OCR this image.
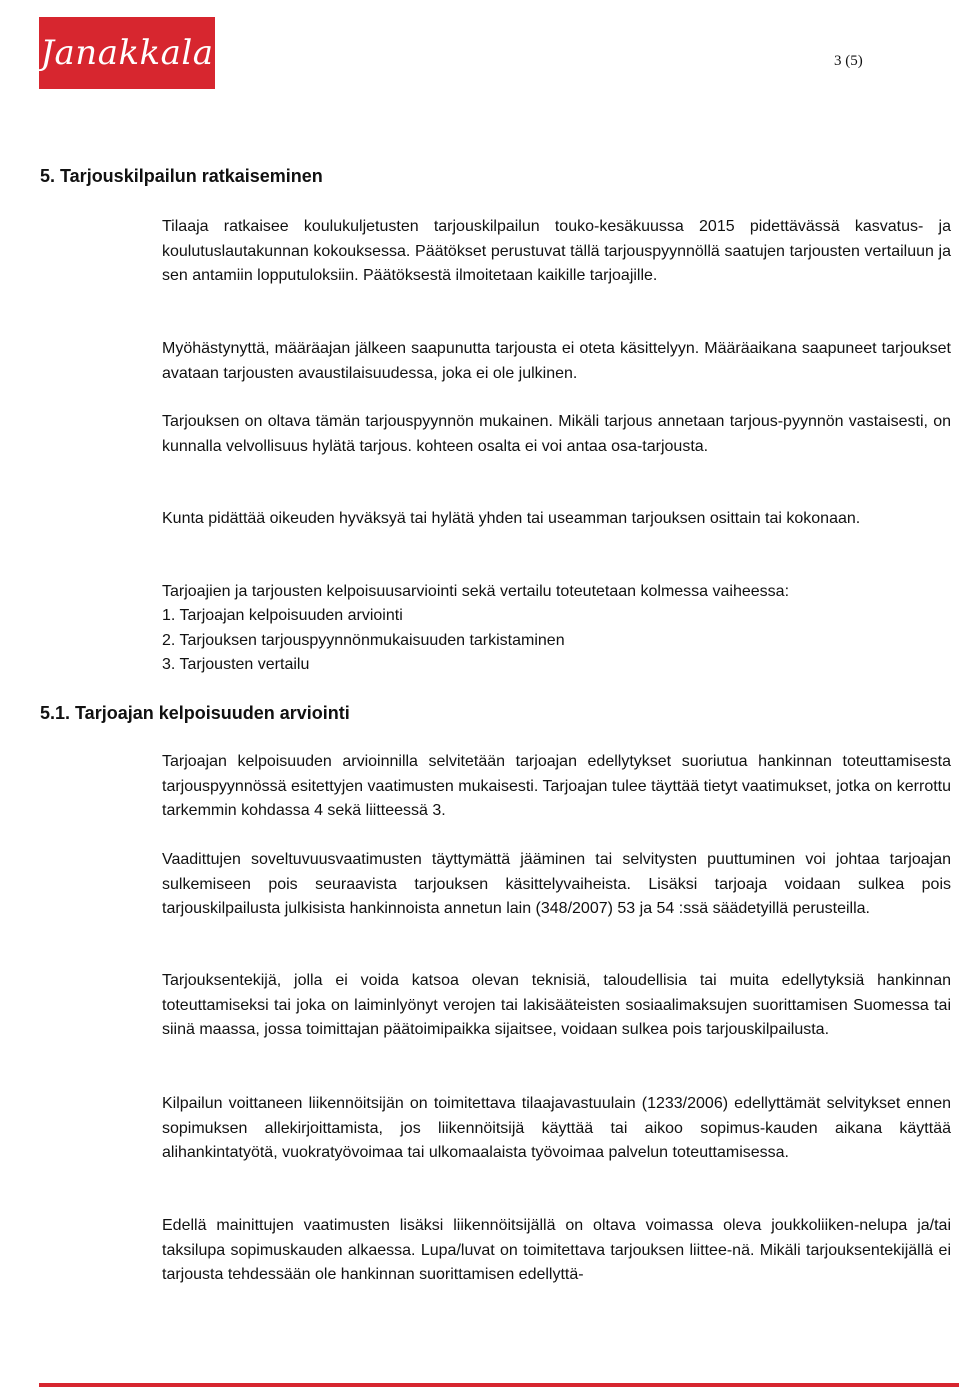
Janakkala	3 (5)
5. Tarjouskilpailun ratkaiseminen

Tilaaja ratkaisee koulukuljetusten tarjouskilpailun touko-kesäkuussa 2015 pidettävässä kasvatus- ja koulutuslautakunnan kokouksessa. Päätökset perustuvat tällä tarjouspyynnöllä saatujen tarjousten vertailuun ja sen antamiin lopputuloksiin. Päätöksestä ilmoitetaan kaikille tarjoajille.

Myöhästynyttä, määräajan jälkeen saapunutta tarjousta ei oteta käsittelyyn. Määräaikana saapuneet tarjoukset avataan tarjousten avaustilaisuudessa, joka ei ole julkinen.

Tarjouksen on oltava tämän tarjouspyynnön mukainen. Mikäli tarjous annetaan tarjous-pyynnön vastaisesti, on kunnalla velvollisuus hylätä tarjous. kohteen osalta ei voi antaa osa-tarjousta.

Kunta pidättää oikeuden hyväksyä tai hylätä yhden tai useamman tarjouksen osittain tai kokonaan.

Tarjoajien ja tarjousten kelpoisuusarviointi sekä vertailu toteutetaan kolmessa vaiheessa:

1. Tarjoajan kelpoisuuden arviointi

2. Tarjouksen tarjouspyynnönmukaisuuden tarkistaminen

3. Tarjousten vertailu

5.1. Tarjoajan kelpoisuuden arviointi

Tarjoajan kelpoisuuden arvioinnilla selvitetään tarjoajan edellytykset suoriutua hankinnan toteuttamisesta tarjouspyynnössä esitettyjen vaatimusten mukaisesti. Tarjoajan tulee täyttää tietyt vaatimukset, jotka on kerrottu tarkemmin kohdassa 4 sekä liitteessä 3.

Vaadittujen soveltuvuusvaatimusten täyttymättä jääminen tai selvitysten puuttuminen voi johtaa tarjoajan sulkemiseen pois seuraavista tarjouksen käsittelyvaiheista. Lisäksi tarjoaja voidaan sulkea pois tarjouskilpailusta julkisista hankinnoista annetun lain (348/2007) 53 ja 54 :ssä säädetyillä perusteilla.

Tarjouksentekijä, jolla ei voida katsoa olevan teknisiä, taloudellisia tai muita edellytyksiä hankinnan toteuttamiseksi tai joka on laiminlyönyt verojen tai lakisääteisten sosiaalimaksujen suorittamisen Suomessa tai siinä maassa, jossa toimittajan päätoimipaikka sijaitsee, voidaan sulkea pois tarjouskilpailusta.

Kilpailun voittaneen liikennöitsijän on toimitettava tilaajavastuulain (1233/2006) edellyttämät selvitykset ennen sopimuksen allekirjoittamista, jos liikennöitsijä käyttää tai aikoo sopimus-kauden aikana käyttää alihankintatyötä, vuokratyövoimaa tai ulkomaalaista työvoimaa palvelun toteuttamisessa.

Edellä mainittujen vaatimusten lisäksi liikennöitsijällä on oltava voimassa oleva joukkoliiken-nelupa ja/tai taksilupa sopimuskauden alkaessa. Lupa/luvat on toimitettava tarjouksen liittee-nä. Mikäli tarjouksentekijällä ei tarjousta tehdessään ole hankinnan suorittamisen edellyttä-
